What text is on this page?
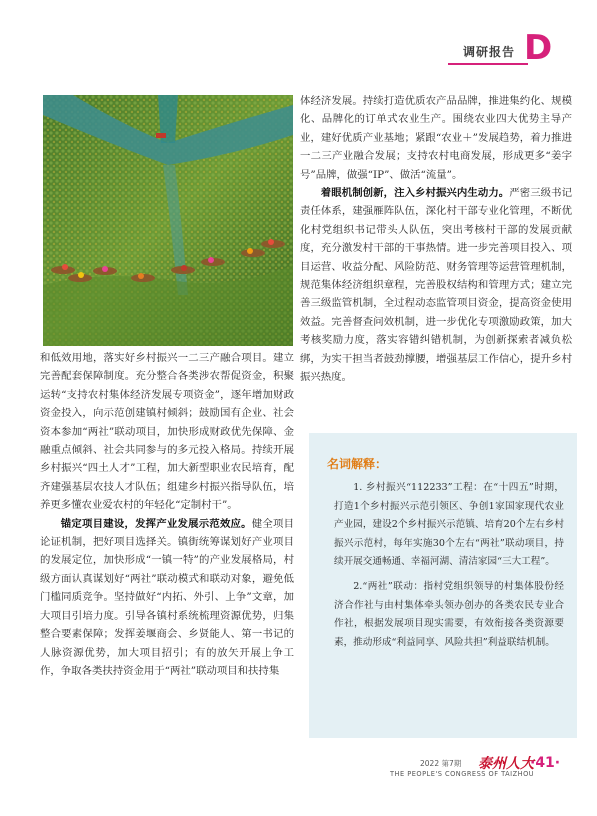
调研报告 D

体经济发展。持续打造优质农产品品牌，推进集约化、规模化、品牌化的订单式农业生产。围绕农业四大优势主导产业，建好优质产业基地；紧跟“农业＋”发展趋势，着力推进一二三产业融合发展；支持农村电商发展，形成更多“姜字号”品牌，做强“IP”、做活“流量”。

着眼机制创新，注入乡村振兴内生动力。严密三级书记责任体系，建强雁阵队伍，深化村干部专业化管理，不断优化村党组织书记带头人队伍，突出考核村干部的发展贡献度，充分激发村干部的干事热情。进一步完善项目投入、项目运营、收益分配、风险防范、财务管理等运营管理机制，规范集体经济组织章程，完善股权结构和管理方式；建立完善三级监管机制，全过程动态监管项目资金，提高资金使用效益。完善督查问效机制，进一步优化专项激励政策，加大考核奖励力度，落实容错纠错机制，为创新探索者减负松绑，为实干担当者鼓劲撑腰，增强基层工作信心，提升乡村振兴热度。

和低效用地，落实好乡村振兴一二三产融合项目。建立完善配套保障制度。充分整合各类涉农帮促资金，积聚运转“支持农村集体经济发展专项资金”，逐年增加财政资金投入，向示范创建镇村倾斜；鼓励国有企业、社会资本参加“两社”联动项目，加快形成财政优先保障、金融重点倾斜、社会共同参与的多元投入格局。持续开展乡村振兴“四土人才”工程，加大新型职业农民培育，配齐建强基层农技人才队伍；组建乡村振兴指导队伍，培养更多懂农业爱农村的年轻化“定制村干”。

锚定项目建设，发挥产业发展示范效应。健全项目论证机制，把好项目选择关。镇街统筹谋划好产业项目的发展定位，加快形成“一镇一特”的产业发展格局，村级方面认真谋划好“两社”联动模式和联动对象，避免低门槛同质竞争。坚持做好“内拓、外引、上争”文章，加大项目引培力度。引导各镇村系统梳理资源优势，归集整合要素保障；发挥姜堰商会、乡贤能人、第一书记的人脉资源优势，加大项目招引；有的放矢开展上争工作，争取各类扶持资金用于“两社”联动项目和扶持集

名词解释：

1. 乡村振兴“112233”工程：在“十四五”时期，打造1个乡村振兴示范引领区、争创1家国家现代农业产业园，建设2个乡村振兴示范镇、培育20个左右乡村振兴示范村，每年实施30个左右“两社”联动项目，持续开展交通畅通、幸福河湖、清洁家园“三大工程”。

2.“两社”联动：指村党组织领导的村集体股份经济合作社与由村集体牵头领办创办的各类农民专业合作社，根据发展项目现实需要，有效衔接各类资源要素，推动形成“利益同享、风险共担”利益联结机制。

2022 第7期 泰州人大
THE PEOPLE'S CONGRESS OF TAIZHOU
·41·
